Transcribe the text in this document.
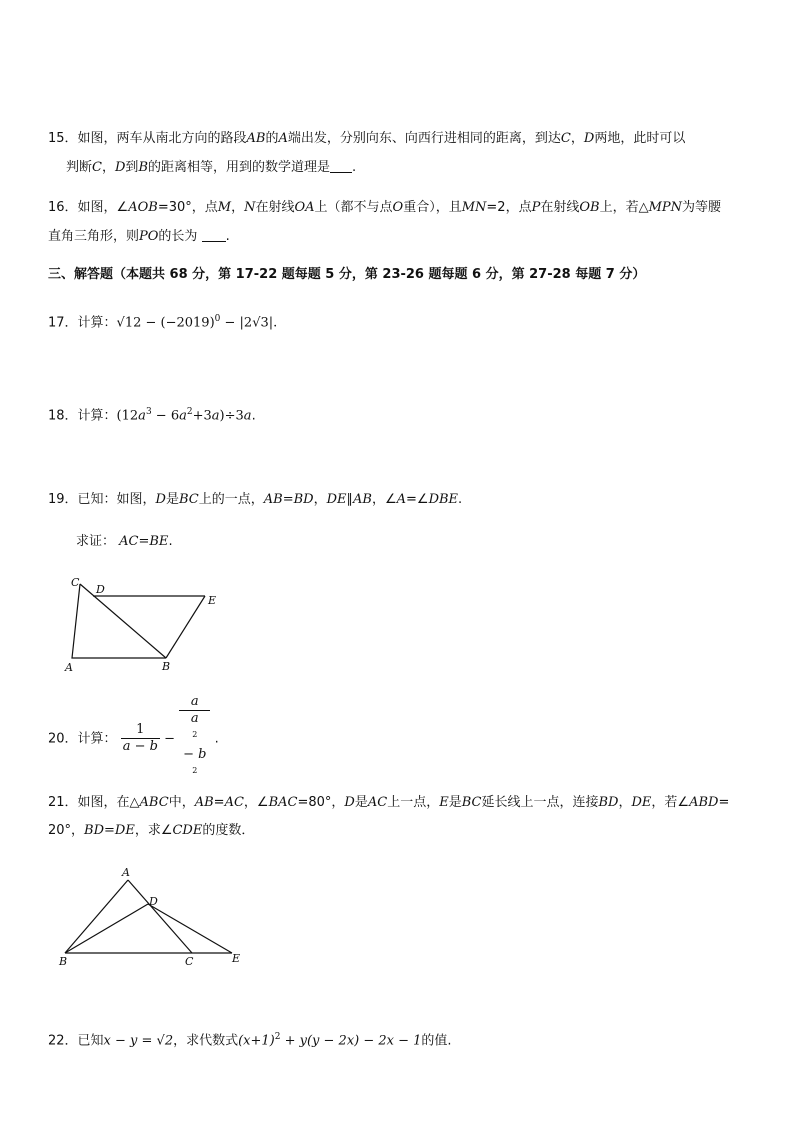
15．如图，两车从南北方向的路段AB的A端出发，分别向东、向西行进相同的距离，到达C，D两地，此时可以
判断C，D到B的距离相等，用到的数学道理是 .
16．如图，∠AOB=30°，点M，N在射线OA上（都不与点O重合），且MN=2，点P在射线OB上，若△MPN为等腰
直角三角形，则PO的长为 .
三、解答题（本题共 68 分，第 17-22 题每题 5 分，第 23-26 题每题 6 分，第 27-28 每题 7 分）
17．计算：$√12 - (-2019)^0 - |2√3|$.
18．计算：$(12a^3 - 6a^2+3a)\div 3a$.
19．已知：如图，D是BC上的一点，AB=BD，DE∥AB，∠A=∠DBE.
求证： AC=BE.
C
D
E
A	B
20．计算： $\frac{1}{a - b} - a$
a
$^2$
− b
$^2$ .
21．如图，在△ABC中，AB=AC，∠BAC=80°，D是AC上一点，E是BC延长线上一点，连接BD，DE，若∠ABD=
20°，BD=DE，求∠CDE的度数．
A
D
B	C	E
22．已知x − y = √2，求代数式$(x+1)^2 + y(y - 2x) - 2x - 1$的值.
